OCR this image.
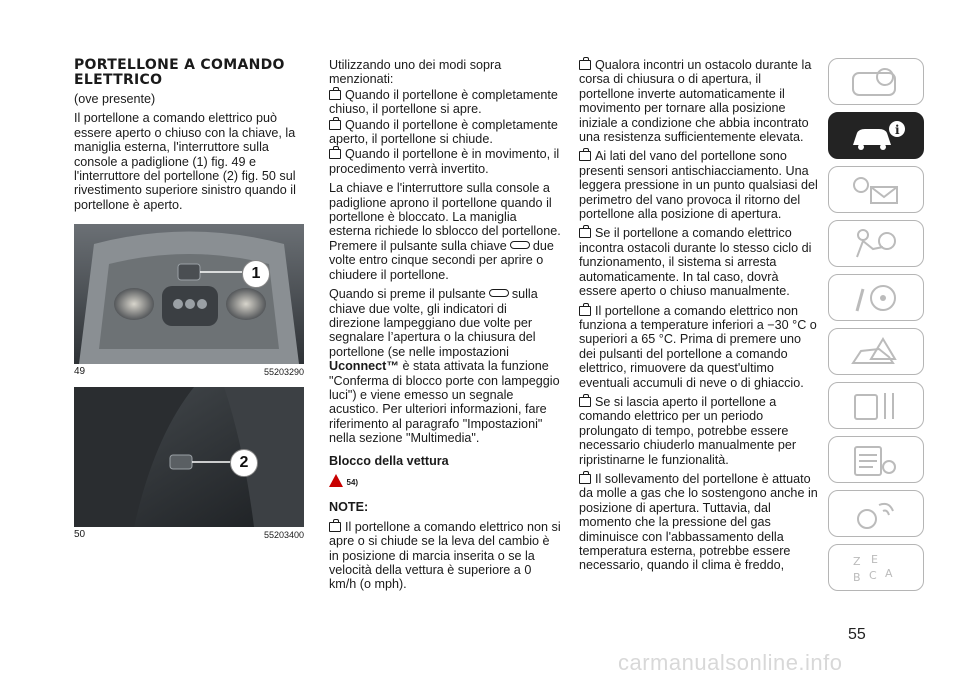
PORTELLONE A COMANDO ELETTRICO

(ove presente)

Il portellone a comando elettrico può essere aperto o chiuso con la chiave, la maniglia esterna, l'interruttore sulla console a padiglione (1) fig. 49 e l'interruttore del portellone (2) fig. 50 sul rivestimento superiore sinistro quando il portellone è aperto.

1
49	55203290
2
50	55203400

Utilizzando uno dei modi sopra menzionati:

Quando il portellone è completamente chiuso, il portellone si apre.

Quando il portellone è completamente aperto, il portellone si chiude.

Quando il portellone è in movimento, il procedimento verrà invertito.

La chiave e l'interruttore sulla console a padiglione aprono il portellone quando il portellone è bloccato. La maniglia esterna richiede lo sblocco del portellone. Premere il pulsante sulla chiave due volte entro cinque secondi per aprire o chiudere il portellone.

Quando si preme il pulsante sulla chiave due volte, gli indicatori di direzione lampeggiano due volte per segnalare l’apertura o la chiusura del portellone (se nelle impostazioni Uconnect™ è stata attivata la funzione "Conferma di blocco porte con lampeggio luci") e viene emesso un segnale acustico. Per ulteriori informazioni, fare riferimento al paragrafo "Impostazioni" nella sezione "Multimedia".

Blocco della vettura

54)

NOTE:

Il portellone a comando elettrico non si apre o si chiude se la leva del cambio è in posizione di marcia inserita o se la velocità della vettura è superiore a 0 km/h (o mph).

Qualora incontri un ostacolo durante la corsa di chiusura o di apertura, il portellone inverte automaticamente il movimento per tornare alla posizione iniziale a condizione che abbia incontrato una resistenza sufficientemente elevata.

Ai lati del vano del portellone sono presenti sensori antischiacciamento. Una leggera pressione in un punto qualsiasi del perimetro del vano provoca il ritorno del portellone alla posizione di apertura.

Se il portellone a comando elettrico incontra ostacoli durante lo stesso ciclo di funzionamento, il sistema si arresta automaticamente. In tal caso, dovrà essere aperto o chiuso manualmente.

Il portellone a comando elettrico non funziona a temperature inferiori a −30 °C o superiori a 65 °C. Prima di premere uno dei pulsanti del portellone a comando elettrico, rimuovere da quest'ultimo eventuali accumuli di neve o di ghiaccio.

Se si lascia aperto il portellone a comando elettrico per un periodo prolungato di tempo, potrebbe essere necessario chiuderlo manualmente per ripristinarne le funzionalità.

Il sollevamento del portellone è attuato da molle a gas che lo sostengono anche in posizione di apertura. Tuttavia, dal momento che la pressione del gas diminuisce con l'abbassamento della temperatura esterna, potrebbe essere necessario, quando il clima è freddo,

i
Z E
B C A
55
carmanualsonline.info
